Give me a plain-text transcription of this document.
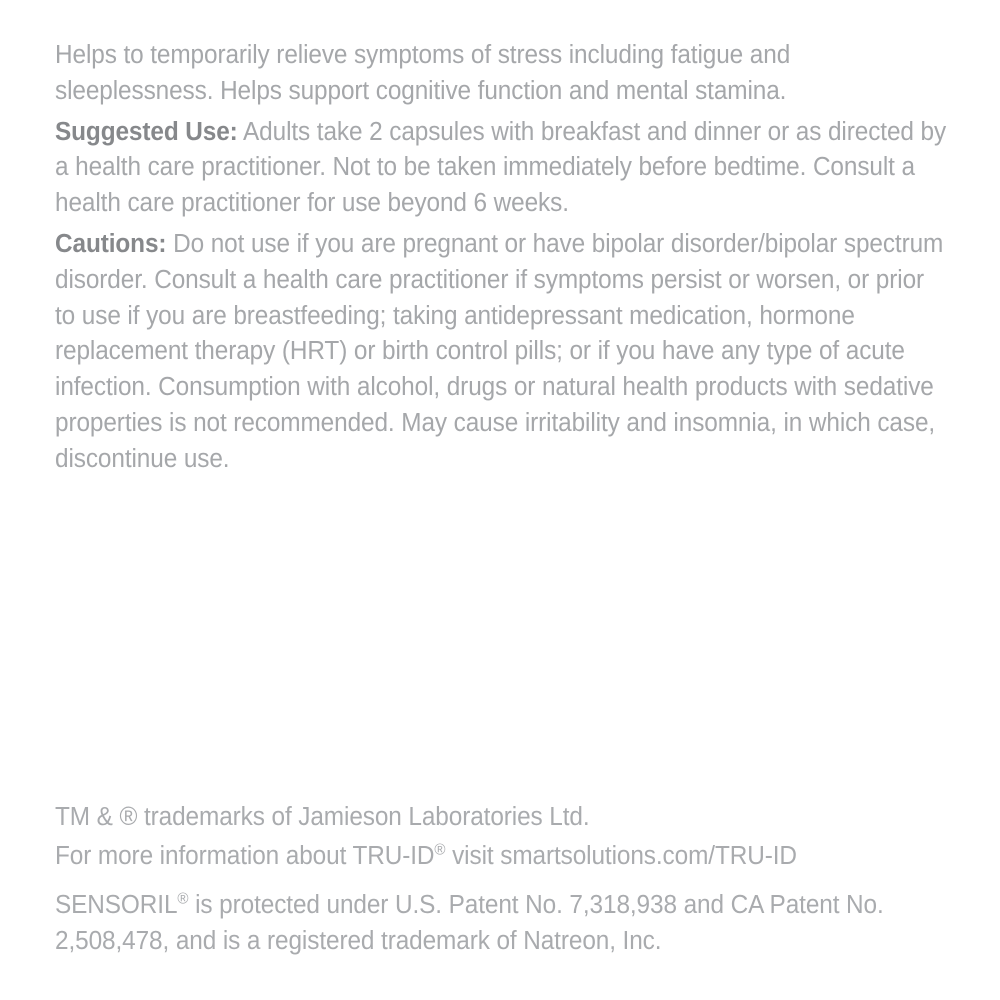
Helps to temporarily relieve symptoms of stress including fatigue and sleeplessness. Helps support cognitive function and mental stamina.

Suggested Use: Adults take 2 capsules with breakfast and dinner or as directed by a health care practitioner. Not to be taken immediately before bedtime. Consult a health care practitioner for use beyond 6 weeks.

Cautions: Do not use if you are pregnant or have bipolar disorder/bipolar spectrum disorder. Consult a health care practitioner if symptoms persist or worsen, or prior to use if you are breastfeeding; taking antidepressant medication, hormone replacement therapy (HRT) or birth control pills; or if you have any type of acute infection. Consumption with alcohol, drugs or natural health products with sedative properties is not recommended. May cause irritability and insomnia, in which case, discontinue use.

TM & ® trademarks of Jamieson Laboratories Ltd.

For more information about TRU-ID® visit smartsolutions.com/TRU-ID

SENSORIL® is protected under U.S. Patent No. 7,318,938 and CA Patent No. 2,508,478, and is a registered trademark of Natreon, Inc.
